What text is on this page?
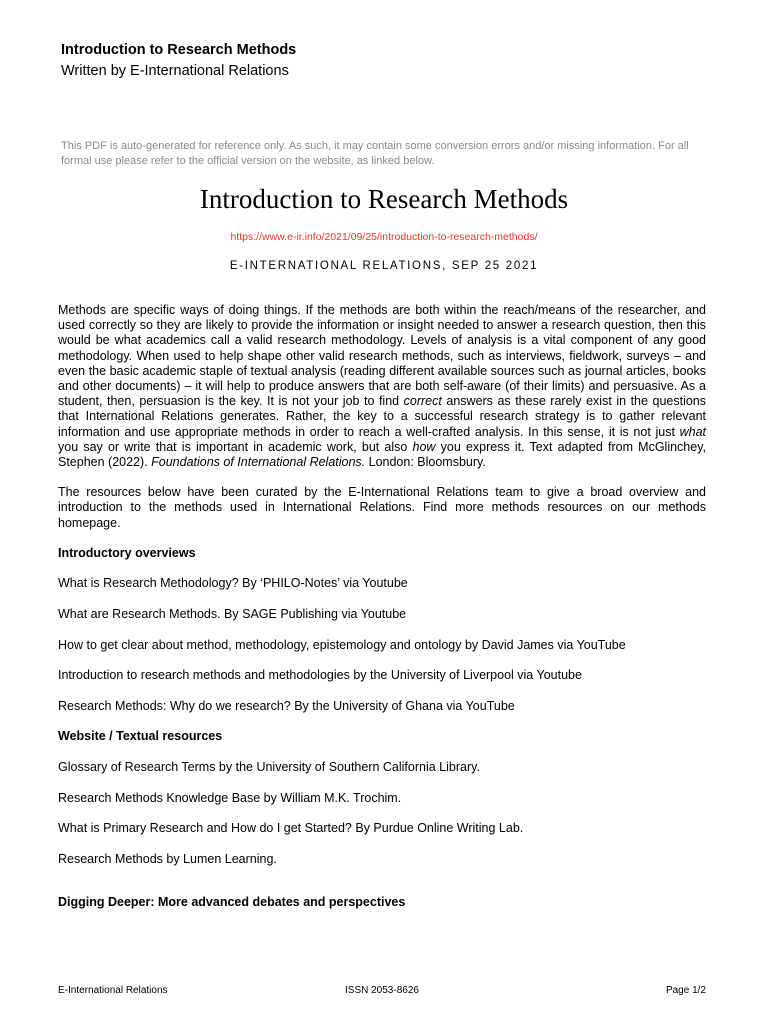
Introduction to Research Methods
Written by E-International Relations
This PDF is auto-generated for reference only. As such, it may contain some conversion errors and/or missing information. For all formal use please refer to the official version on the website, as linked below.
Introduction to Research Methods
https://www.e-ir.info/2021/09/25/introduction-to-research-methods/
E-INTERNATIONAL RELATIONS, SEP 25 2021

Methods are specific ways of doing things. If the methods are both within the reach/means of the researcher, and used correctly so they are likely to provide the information or insight needed to answer a research question, then this would be what academics call a valid research methodology. Levels of analysis is a vital component of any good methodology. When used to help shape other valid research methods, such as interviews, fieldwork, surveys – and even the basic academic staple of textual analysis (reading different available sources such as journal articles, books and other documents) – it will help to produce answers that are both self-aware (of their limits) and persuasive. As a student, then, persuasion is the key. It is not your job to find correct answers as these rarely exist in the questions that International Relations generates. Rather, the key to a successful research strategy is to gather relevant information and use appropriate methods in order to reach a well-crafted analysis. In this sense, it is not just what you say or write that is important in academic work, but also how you express it. Text adapted from McGlinchey, Stephen (2022). Foundations of International Relations. London: Bloomsbury.

The resources below have been curated by the E-International Relations team to give a broad overview and introduction to the methods used in International Relations. Find more methods resources on our methods homepage.

Introductory overviews
What is Research Methodology? By ‘PHILO-Notes’ via Youtube
What are Research Methods. By SAGE Publishing via Youtube
How to get clear about method, methodology, epistemology and ontology by David James via YouTube
Introduction to research methods and methodologies by the University of Liverpool via Youtube
Research Methods: Why do we research? By the University of Ghana via YouTube
Website / Textual resources
Glossary of Research Terms by the University of Southern California Library.
Research Methods Knowledge Base by William M.K. Trochim.
What is Primary Research and How do I get Started? By Purdue Online Writing Lab.
Research Methods by Lumen Learning.
Digging Deeper: More advanced debates and perspectives
E-International Relations	ISSN 2053-8626	Page 1/2
